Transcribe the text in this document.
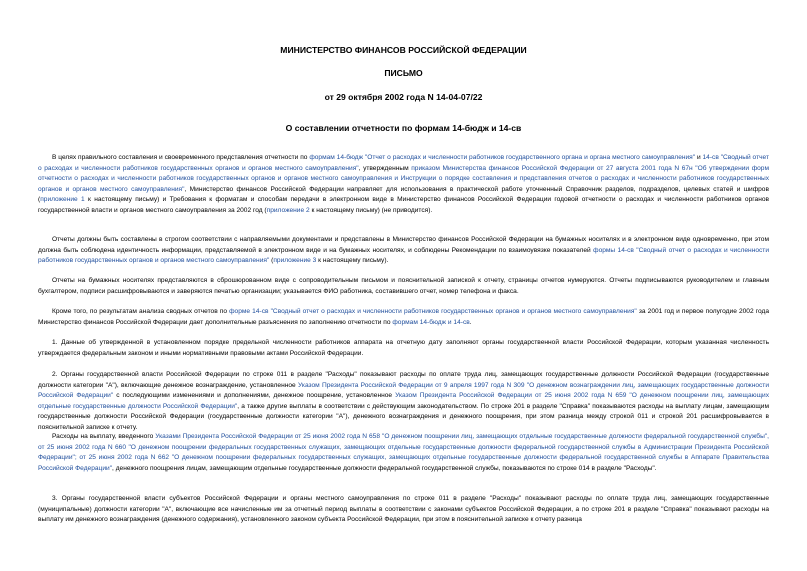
МИНИСТЕРСТВО ФИНАНСОВ РОССИЙСКОЙ ФЕДЕРАЦИИ
ПИСЬМО
от 29 октября 2002 года N 14-04-07/22
О составлении отчетности по формам 14-бюдж и 14-св
В целях правильного составления и своевременного представления отчетности по формам 14-бюдж "Отчет о расходах и численности работников государственного органа и органа местного самоуправления" и 14-св "Сводный отчет о расходах и численности работников государственных органов и органов местного самоуправления", утвержденным приказом Министерства финансов Российской Федерации от 27 августа 2001 года N 67н "Об утверждении форм отчетности о расходах и численности работников государственных органов и органов местного самоуправления и Инструкции о порядке составления и представления отчетов о расходах и численности работников государственных органов и органов местного самоуправления", Министерство финансов Российской Федерации направляет для использования в практической работе уточненный Справочник разделов, подразделов, целевых статей и шифров (приложение 1 к настоящему письму) и Требования к форматам и способам передачи в электронном виде в Министерство финансов Российской Федерации годовой отчетности о расходах и численности работников органов государственной власти и органов местного самоуправления за 2002 год (приложение 2 к настоящему письму) (не приводится).
Отчеты должны быть составлены в строгом соответствии с направляемыми документами и представлены в Министерство финансов Российской Федерации на бумажных носителях и в электронном виде одновременно, при этом должна быть соблюдена идентичность информации, представляемой в электронном виде и на бумажных носителях, и соблюдены Рекомендации по взаимоувязке показателей формы 14-св "Сводный отчет о расходах и численности работников государственных органов и органов местного самоуправления" (приложение 3 к настоящему письму).
Отчеты на бумажных носителях представляются в сброшюрованном виде с сопроводительным письмом и пояснительной запиской к отчету, страницы отчетов нумеруются. Отчеты подписываются руководителем и главным бухгалтером, подписи расшифровываются и заверяются печатью организации; указывается ФИО работника, составившего отчет, номер телефона и факса.
Кроме того, по результатам анализа сводных отчетов по форме 14-св "Сводный отчет о расходах и численности работников государственных органов и органов местного самоуправления" за 2001 год и первое полугодие 2002 года Министерство финансов Российской Федерации дает дополнительные разъяснения по заполнению отчетности по формам 14-бюдж и 14-св.
1. Данные об утвержденной в установленном порядке предельной численности работников аппарата на отчетную дату заполняют органы государственной власти Российской Федерации, которым указанная численность утверждается федеральным законом и иными нормативными правовыми актами Российской Федерации.
2. Органы государственной власти Российской Федерации по строке 011 в разделе "Расходы" показывают расходы по оплате труда лиц, замещающих государственные должности Российской Федерации (государственные должности категории "А"), включающие денежное вознаграждение, установленное Указом Президента Российской Федерации от 9 апреля 1997 года N 309 "О денежном вознаграждении лиц, замещающих государственные должности Российской Федерации" с последующими изменениями и дополнениями, денежное поощрение, установленное Указом Президента Российской Федерации от 25 июня 2002 года N 659 "О денежном поощрении лиц, замещающих отдельные государственные должности Российской Федерации", а также другие выплаты в соответствии с действующим законодательством. По строке 201 в разделе "Справка" показываются расходы на выплату лицам, замещающим государственные должности Российской Федерации (государственные должности категории "А"), денежного вознаграждения и денежного поощрения, при этом разница между строкой 011 и строкой 201 расшифровывается в пояснительной записке к отчету.
Расходы на выплату, введенного Указами Президента Российской Федерации от 25 июня 2002 года N 658 "О денежном поощрении лиц, замещающих отдельные государственные должности федеральной государственной службы", от 25 июня 2002 года N 660 "О денежном поощрении федеральных государственных служащих, замещающих отдельные государственные должности федеральной государственной службы в Администрации Президента Российской Федерации"; от 25 июня 2002 года N 662 "О денежном поощрении федеральных государственных служащих, замещающих отдельные государственные должности федеральной государственной службы в Аппарате Правительства Российской Федерации", денежного поощрения лицам, замещающим отдельные государственные должности федеральной государственной службы, показываются по строке 014 в разделе "Расходы".
3. Органы государственной власти субъектов Российской Федерации и органы местного самоуправления по строке 011 в разделе "Расходы" показывают расходы по оплате труда лиц, замещающих государственные (муниципальные) должности категории "А", включающие все начисленные им за отчетный период выплаты в соответствии с законами субъектов Российской Федерации, а по строке 201 в разделе "Справка" показывают расходы на выплату им денежного вознаграждения (денежного содержания), установленного законом субъекта Российской Федерации, при этом в пояснительной записке к отчету разница
